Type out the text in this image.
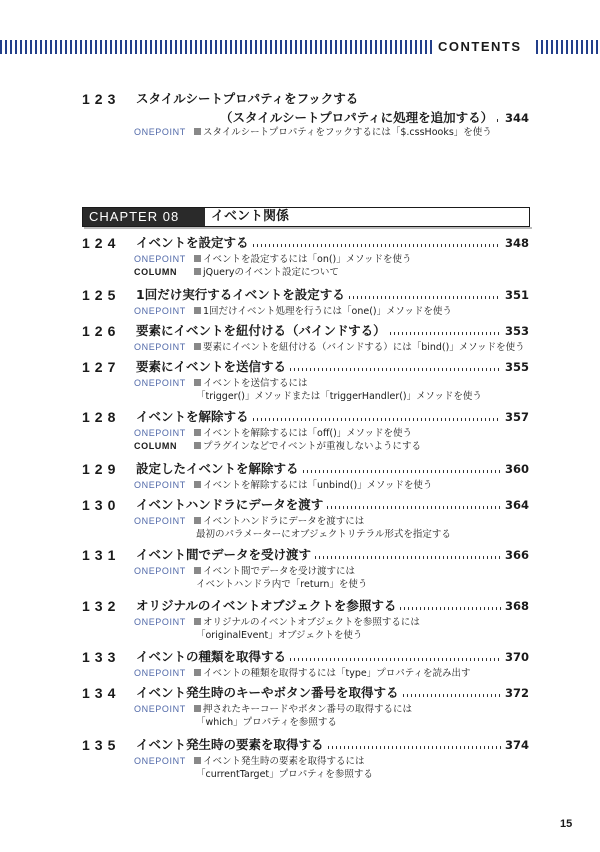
CONTENTS
123	スタイルシートプロパティをフックする
（スタイルシートプロパティに処理を追加する） 344
ONEPOINT スタイルシートプロパティをフックするには「$.cssHooks」を使う
CHAPTER 08	イベント関係
124	イベントを設定する	348
ONEPOINT イベントを設定するには「on()」メソッドを使う
COLUMN	jQueryのイベント設定について
125	1回だけ実行するイベントを設定する	351
ONEPOINT 1回だけイベント処理を行うには「one()」メソッドを使う
126	要素にイベントを紐付ける（バインドする）	353
ONEPOINT 要素にイベントを紐付ける（バインドする）には「bind()」メソッドを使う
127	要素にイベントを送信する	355
ONEPOINT イベントを送信するには
「trigger()」メソッドまたは「triggerHandler()」メソッドを使う
128	イベントを解除する	357
ONEPOINT イベントを解除するには「off()」メソッドを使う
COLUMN	プラグインなどでイベントが重複しないようにする
129	設定したイベントを解除する	360
ONEPOINT イベントを解除するには「unbind()」メソッドを使う
130	イベントハンドラにデータを渡す	364
ONEPOINT イベントハンドラにデータを渡すには
最初のパラメーターにオブジェクトリテラル形式を指定する
131	イベント間でデータを受け渡す	366
ONEPOINT イベント間でデータを受け渡すには
イベントハンドラ内で「return」を使う
132	オリジナルのイベントオブジェクトを参照する	368
ONEPOINT オリジナルのイベントオブジェクトを参照するには
「originalEvent」オブジェクトを使う
133	イベントの種類を取得する	370
ONEPOINT イベントの種類を取得するには「type」プロパティを読み出す
134	イベント発生時のキーやボタン番号を取得する	372
ONEPOINT 押されたキーコードやボタン番号の取得するには
「which」プロパティを参照する
135	イベント発生時の要素を取得する	374
ONEPOINT イベント発生時の要素を取得するには
「currentTarget」プロパティを参照する
15
